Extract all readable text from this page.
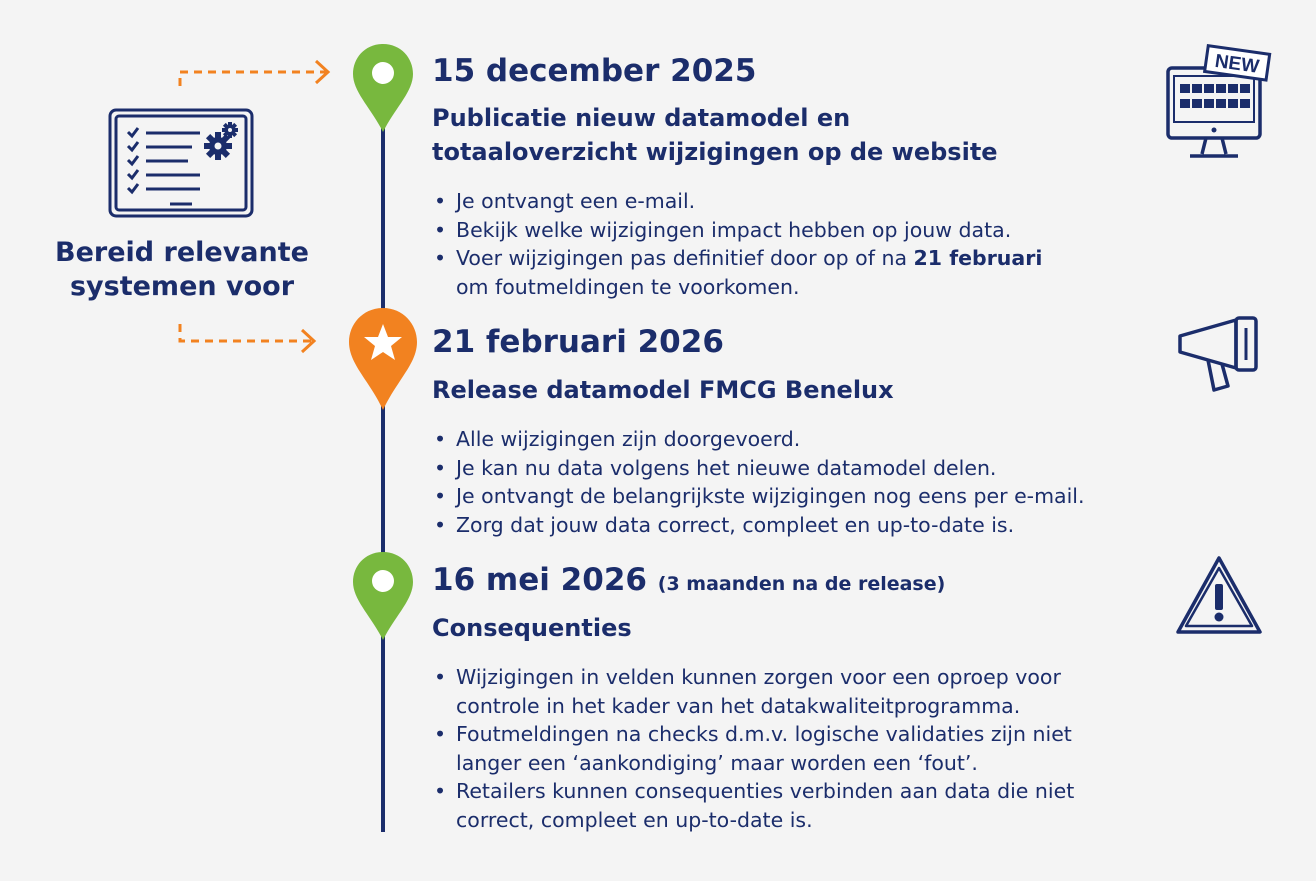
Bereid relevante
systemen voor
15 december 2025
Publicatie nieuw datamodel en
totaaloverzicht wijzigingen op de website
• Je ontvangt een e-mail.
• Bekijk welke wijzigingen impact hebben op jouw data.
• Voer wijzigingen pas definitief door op of na 21 februari
om foutmeldingen te voorkomen.
NEW
21 februari 2026
Release datamodel FMCG Benelux
• Alle wijzigingen zijn doorgevoerd.
• Je kan nu data volgens het nieuwe datamodel delen.
• Je ontvangt de belangrijkste wijzigingen nog eens per e-mail.
• Zorg dat jouw data correct, compleet en up-to-date is.
16 mei 2026 (3 maanden na de release)
Consequenties
• Wijzigingen in velden kunnen zorgen voor een oproep voor
controle in het kader van het datakwaliteitprogramma.
• Foutmeldingen na checks d.m.v. logische validaties zijn niet
langer een ‘aankondiging’ maar worden een ‘fout’.
• Retailers kunnen consequenties verbinden aan data die niet
correct, compleet en up-to-date is.
